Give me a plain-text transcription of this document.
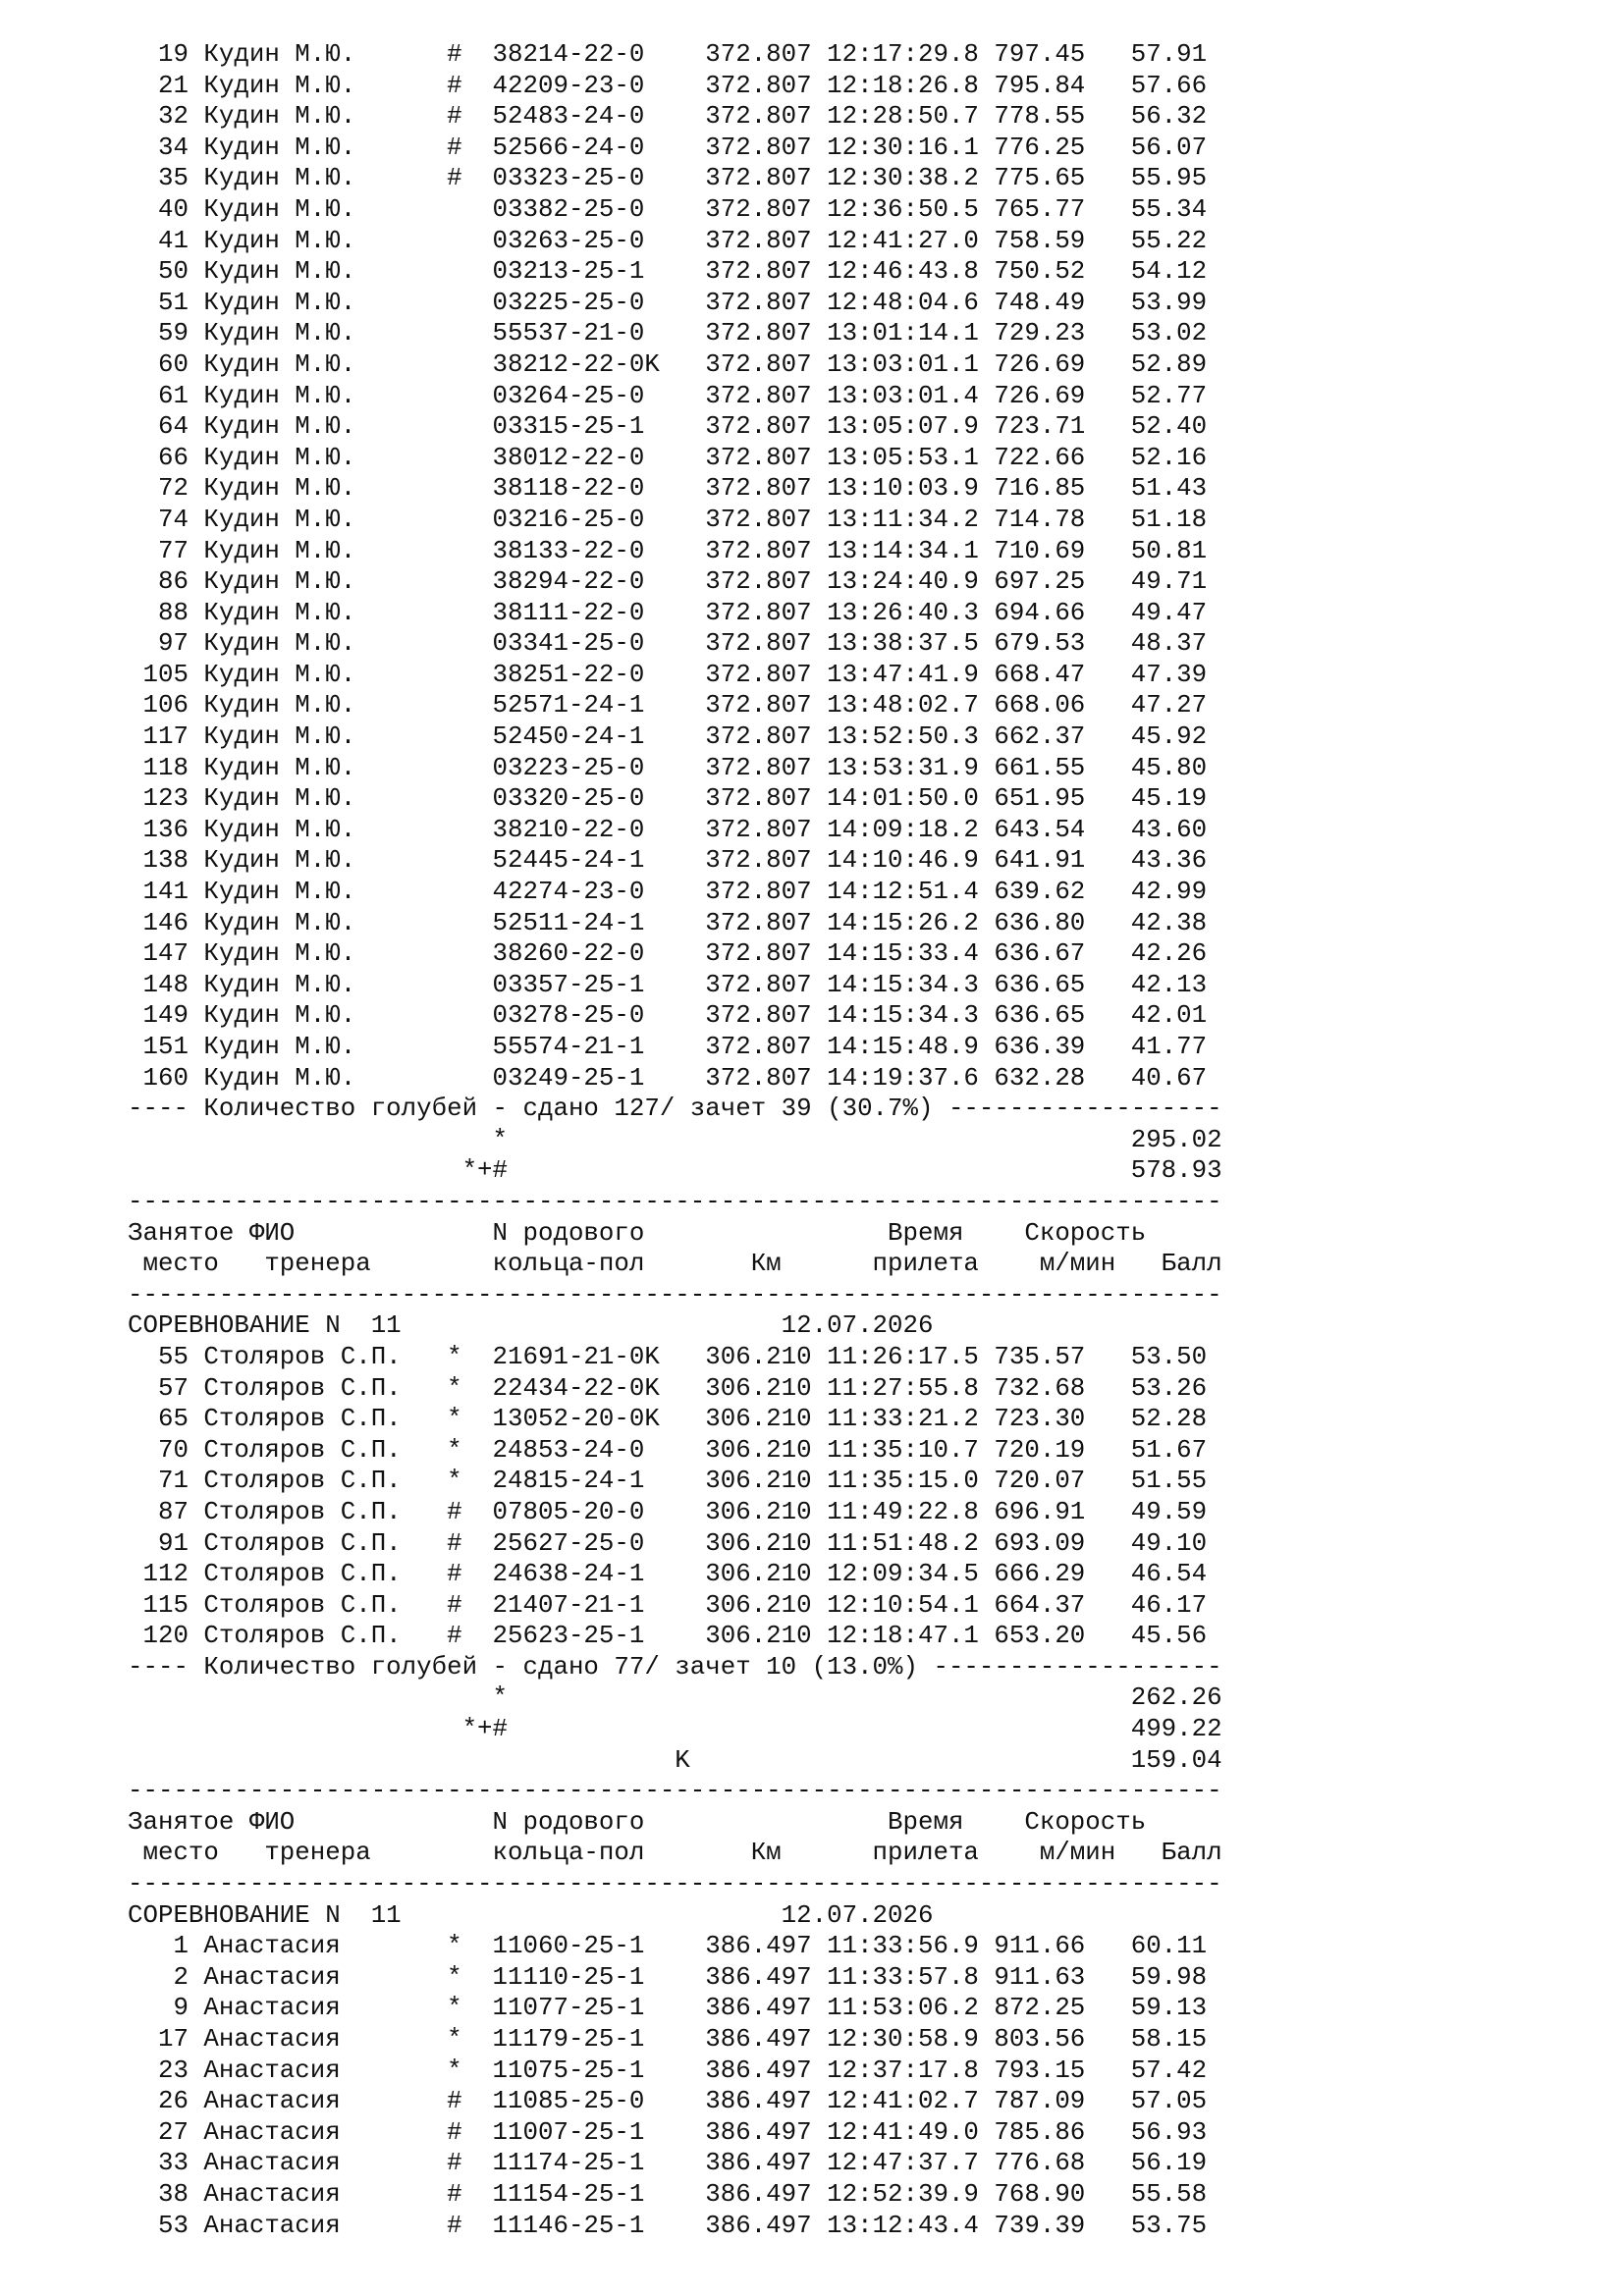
19 Кудин М.Ю.      #  38214-22-0    372.807 12:17:29.8 797.45   57.91
21 Кудин М.Ю.      #  42209-23-0    372.807 12:18:26.8 795.84   57.66
32 Кудин М.Ю.      #  52483-24-0    372.807 12:28:50.7 778.55   56.32
34 Кудин М.Ю.      #  52566-24-0    372.807 12:30:16.1 776.25   56.07
35 Кудин М.Ю.      #  03323-25-0    372.807 12:30:38.2 775.65   55.95
40 Кудин М.Ю.         03382-25-0    372.807 12:36:50.5 765.77   55.34
41 Кудин М.Ю.         03263-25-0    372.807 12:41:27.0 758.59   55.22
50 Кудин М.Ю.         03213-25-1    372.807 12:46:43.8 750.52   54.12
51 Кудин М.Ю.         03225-25-0    372.807 12:48:04.6 748.49   53.99
59 Кудин М.Ю.         55537-21-0    372.807 13:01:14.1 729.23   53.02
60 Кудин М.Ю.         38212-22-0K   372.807 13:03:01.1 726.69   52.89
61 Кудин М.Ю.         03264-25-0    372.807 13:03:01.4 726.69   52.77
64 Кудин М.Ю.         03315-25-1    372.807 13:05:07.9 723.71   52.40
66 Кудин М.Ю.         38012-22-0    372.807 13:05:53.1 722.66   52.16
72 Кудин М.Ю.         38118-22-0    372.807 13:10:03.9 716.85   51.43
74 Кудин М.Ю.         03216-25-0    372.807 13:11:34.2 714.78   51.18
77 Кудин М.Ю.         38133-22-0    372.807 13:14:34.1 710.69   50.81
86 Кудин М.Ю.         38294-22-0    372.807 13:24:40.9 697.25   49.71
88 Кудин М.Ю.         38111-22-0    372.807 13:26:40.3 694.66   49.47
97 Кудин М.Ю.         03341-25-0    372.807 13:38:37.5 679.53   48.37
105 Кудин М.Ю.         38251-22-0    372.807 13:47:41.9 668.47   47.39
106 Кудин М.Ю.         52571-24-1    372.807 13:48:02.7 668.06   47.27
117 Кудин М.Ю.         52450-24-1    372.807 13:52:50.3 662.37   45.92
118 Кудин М.Ю.         03223-25-0    372.807 13:53:31.9 661.55   45.80
123 Кудин М.Ю.         03320-25-0    372.807 14:01:50.0 651.95   45.19
136 Кудин М.Ю.         38210-22-0    372.807 14:09:18.2 643.54   43.60
138 Кудин М.Ю.         52445-24-1    372.807 14:10:46.9 641.91   43.36
141 Кудин М.Ю.         42274-23-0    372.807 14:12:51.4 639.62   42.99
146 Кудин М.Ю.         52511-24-1    372.807 14:15:26.2 636.80   42.38
147 Кудин М.Ю.         38260-22-0    372.807 14:15:33.4 636.67   42.26
148 Кудин М.Ю.         03357-25-1    372.807 14:15:34.3 636.65   42.13
149 Кудин М.Ю.         03278-25-0    372.807 14:15:34.3 636.65   42.01
151 Кудин М.Ю.         55574-21-1    372.807 14:15:48.9 636.39   41.77
160 Кудин М.Ю.         03249-25-1    372.807 14:19:37.6 632.28   40.67
---- Количество голубей - сдано 127/ зачет 39 (30.7%) ------------------
*                                         295.02
*+#                                         578.93
------------------------------------------------------------------------
Занятое ФИО             N родового                Время    Скорость
место   тренера        кольца-пол       Км      прилета    м/мин   Балл
------------------------------------------------------------------------
СОРЕВНОВАНИЕ N  11                         12.07.2026
55 Столяров С.П.   *  21691-21-0K   306.210 11:26:17.5 735.57   53.50
57 Столяров С.П.   *  22434-22-0K   306.210 11:27:55.8 732.68   53.26
65 Столяров С.П.   *  13052-20-0K   306.210 11:33:21.2 723.30   52.28
70 Столяров С.П.   *  24853-24-0    306.210 11:35:10.7 720.19   51.67
71 Столяров С.П.   *  24815-24-1    306.210 11:35:15.0 720.07   51.55
87 Столяров С.П.   #  07805-20-0    306.210 11:49:22.8 696.91   49.59
91 Столяров С.П.   #  25627-25-0    306.210 11:51:48.2 693.09   49.10
112 Столяров С.П.   #  24638-24-1    306.210 12:09:34.5 666.29   46.54
115 Столяров С.П.   #  21407-21-1    306.210 12:10:54.1 664.37   46.17
120 Столяров С.П.   #  25623-25-1    306.210 12:18:47.1 653.20   45.56
---- Количество голубей - сдано 77/ зачет 10 (13.0%) -------------------
*                                         262.26
*+#                                         499.22
K                             159.04
------------------------------------------------------------------------
Занятое ФИО             N родового                Время    Скорость
место   тренера        кольца-пол       Км      прилета    м/мин   Балл
------------------------------------------------------------------------
СОРЕВНОВАНИЕ N  11                         12.07.2026
1 Анастасия       *  11060-25-1    386.497 11:33:56.9 911.66   60.11
2 Анастасия       *  11110-25-1    386.497 11:33:57.8 911.63   59.98
9 Анастасия       *  11077-25-1    386.497 11:53:06.2 872.25   59.13
17 Анастасия       *  11179-25-1    386.497 12:30:58.9 803.56   58.15
23 Анастасия       *  11075-25-1    386.497 12:37:17.8 793.15   57.42
26 Анастасия       #  11085-25-0    386.497 12:41:02.7 787.09   57.05
27 Анастасия       #  11007-25-1    386.497 12:41:49.0 785.86   56.93
33 Анастасия       #  11174-25-1    386.497 12:47:37.7 776.68   56.19
38 Анастасия       #  11154-25-1    386.497 12:52:39.9 768.90   55.58
53 Анастасия       #  11146-25-1    386.497 13:12:43.4 739.39   53.75
